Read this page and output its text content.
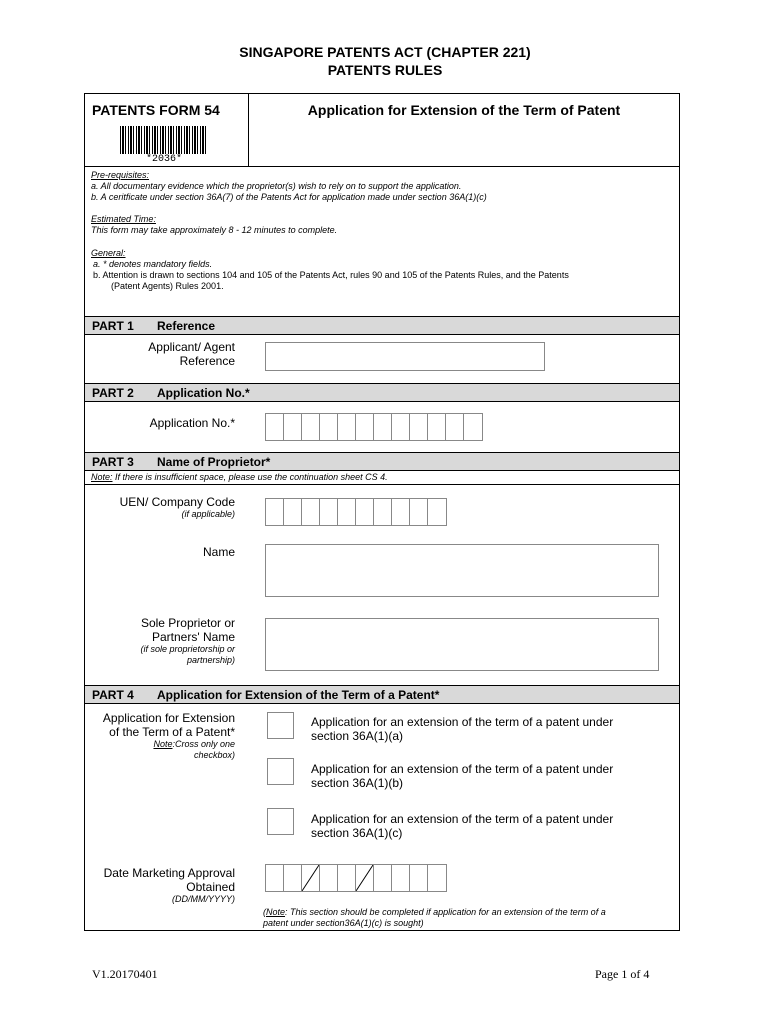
SINGAPORE PATENTS ACT (CHAPTER 221)
PATENTS RULES
PATENTS FORM 54
*2036*
Application for Extension of the Term of Patent
Pre-requisites:
a. All documentary evidence which the proprietor(s) wish to rely on to support the application.
b. A ceritficate under section 36A(7) of the Patents Act for application made under section 36A(1)(c)
Estimated Time:
This form may take approximately 8 - 12 minutes to complete.
General:
a. * denotes mandatory fields.
b. Attention is drawn to sections 104 and 105 of the Patents Act, rules 90 and 105 of the Patents Rules, and the Patents
(Patent Agents) Rules 2001.
PART 1 Reference
Applicant/ Agent
Reference
PART 2 Application No.*
Application No.*
PART 3 Name of Proprietor*
Note: If there is insufficient space, please use the continuation sheet CS 4.
UEN/ Company Code
(if applicable)
Name
Sole Proprietor or
Partners' Name
(if sole proprietorship or
partnership)
PART 4 Application for Extension of the Term of a Patent*
Application for Extension
of the Term of a Patent*
Note:Cross only one
checkbox)
Application for an extension of the term of a patent under
section 36A(1)(a)
Application for an extension of the term of a patent under
section 36A(1)(b)
Application for an extension of the term of a patent under
section 36A(1)(c)
Date Marketing Approval
Obtained
(DD/MM/YYYY)
(Note: This section should be completed if application for an extension of the term of a
patent under section36A(1)(c) is sought)
V1.20170401	Page 1 of 4
